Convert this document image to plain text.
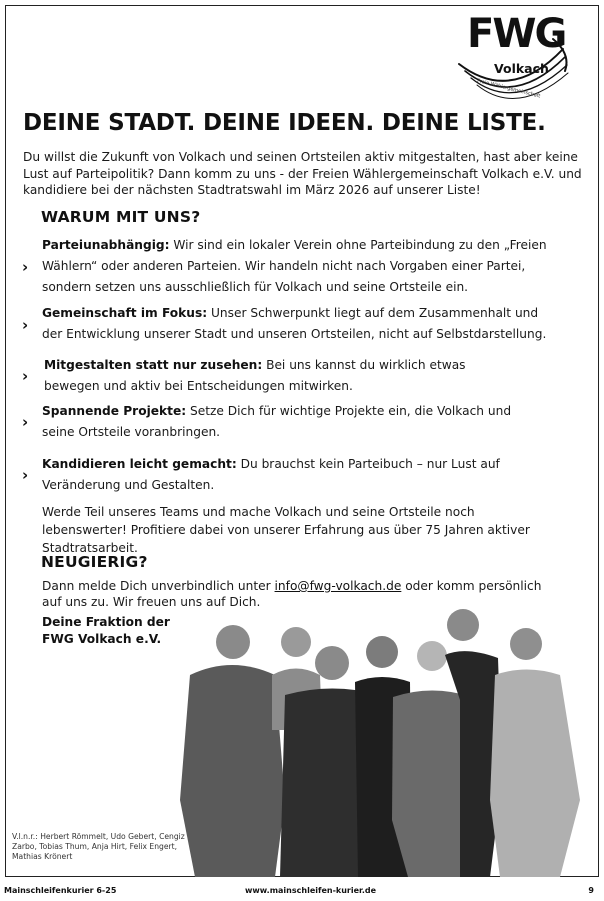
FWG
Volkach
Freie Wählergemeinschaft
DEINE STADT. DEINE IDEEN. DEINE LISTE.
Du willst die Zukunft von Volkach und seinen Ortsteilen aktiv mitgestalten, hast aber keine Lust auf Parteipolitik? Dann komm zu uns - der Freien Wählergemeinschaft Volkach e.V. und kandidiere bei der nächsten Stadtratswahl im März 2026 auf unserer Liste!
WARUM MIT UNS?
›
Parteiunabhängig: Wir sind ein lokaler Verein ohne Parteibindung zu den „Freien Wählern“ oder anderen Parteien. Wir handeln nicht nach Vorgaben einer Partei, sondern setzen uns ausschließlich für Volkach und seine Ortsteile ein.
›
Gemeinschaft im Fokus: Unser Schwerpunkt liegt auf dem Zusammenhalt und der Entwicklung unserer Stadt und unseren Ortsteilen, nicht auf Selbstdarstellung.
›
Mitgestalten statt nur zusehen: Bei uns kannst du wirklich etwas bewegen und aktiv bei Entscheidungen mitwirken.
›
Spannende Projekte: Setze Dich für wichtige Projekte ein, die Volkach und seine Ortsteile voranbringen.
›
Kandidieren leicht gemacht: Du brauchst kein Parteibuch – nur Lust auf Veränderung und Gestalten.
Werde Teil unseres Teams und mache Volkach und seine Ortsteile noch lebenswerter! Profitiere dabei von unserer Erfahrung aus über 75 Jahren aktiver Stadtratsarbeit.
NEUGIERIG?
Dann melde Dich unverbindlich unter info@fwg-volkach.de oder komm persönlich auf uns zu. Wir freuen uns auf Dich.
Deine Fraktion der
FWG Volkach e.V.
V.l.n.r.: Herbert Römmelt, Udo Gebert, Cengiz Zarbo, Tobias Thum, Anja Hirt, Felix Engert, Mathias Krönert
Mainschleifenkurier 6-25	www.mainschleifen-kurier.de	9
